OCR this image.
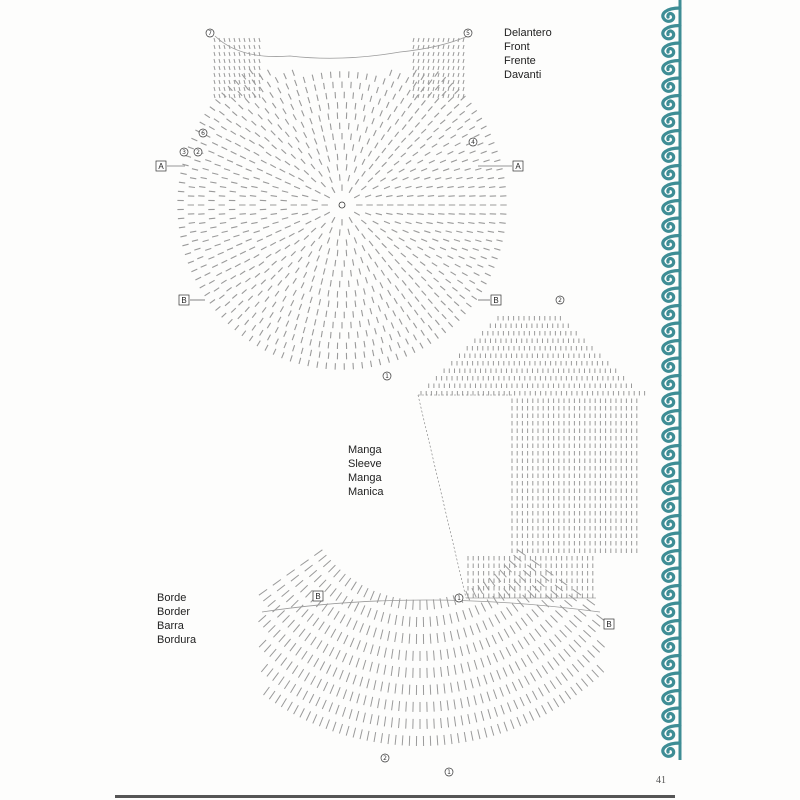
7	5
6
4
3 2
1
A	A
B	B	2
1
2
1
B
B
Delantero
Front
Frente
Davanti
Manga
Sleeve
Manga
Manica
Borde
Border
Barra
Bordura
41
